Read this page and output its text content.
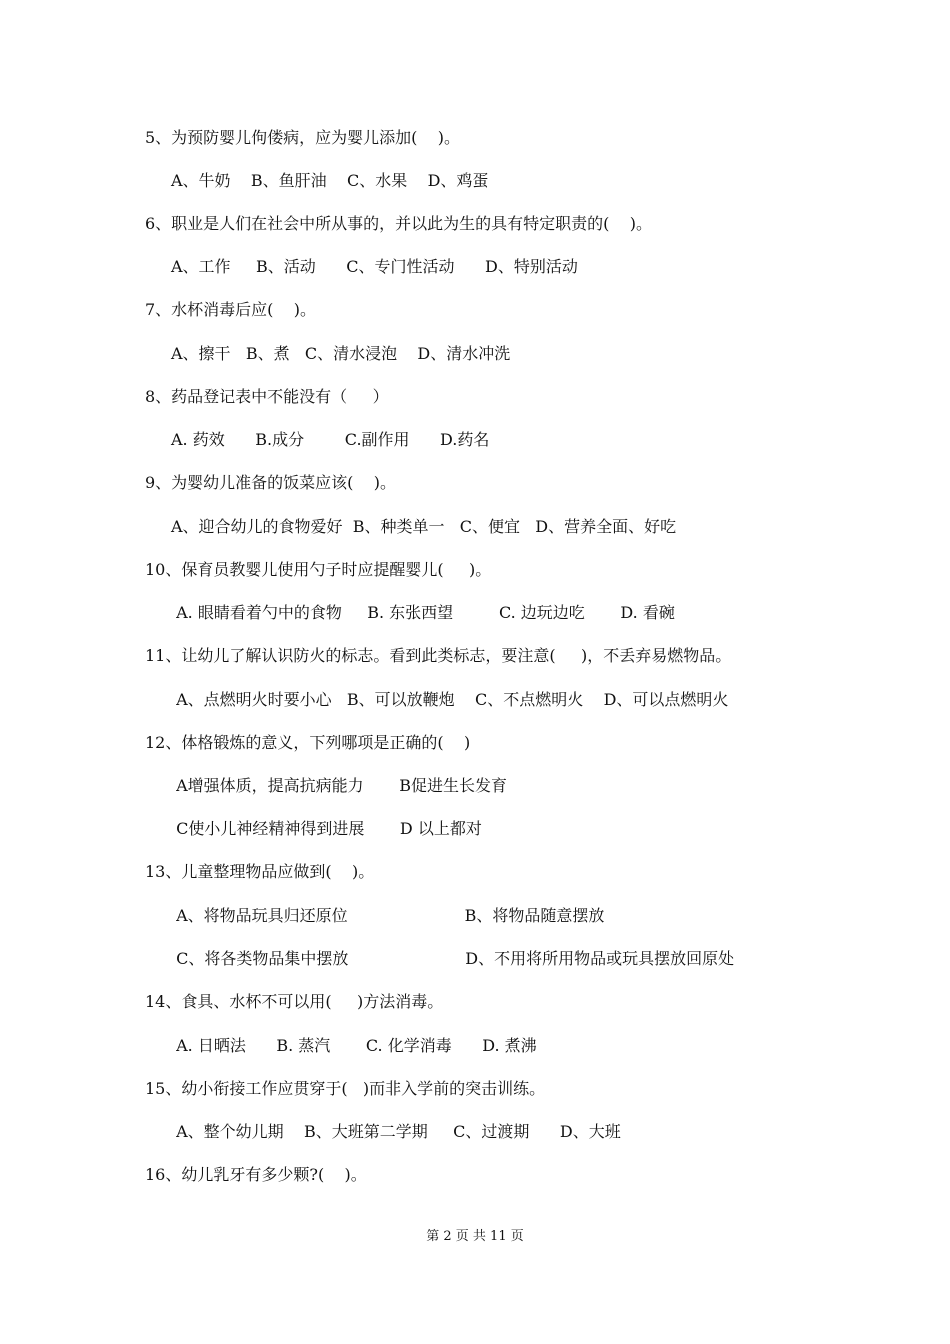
5、为预防婴儿佝偻病，应为婴儿添加(    )。
A、牛奶    B、鱼肝油    C、水果    D、鸡蛋
6、职业是人们在社会中所从事的，并以此为生的具有特定职责的(    )。
A、工作     B、活动      C、专门性活动      D、特别活动
7、水杯消毒后应(    )。
A、擦干   B、煮   C、清水浸泡    D、清水冲洗
8、药品登记表中不能没有（     ）
A. 药效      B.成分        C.副作用      D.药名
9、为婴幼儿准备的饭菜应该(    )。
A、迎合幼儿的食物爱好  B、种类单一   C、便宜   D、营养全面、好吃
10、保育员教婴儿使用勺子时应提醒婴儿(     )。
A. 眼睛看着勺中的食物     B. 东张西望         C. 边玩边吃       D. 看碗
11、让幼儿了解认识防火的标志。看到此类标志，要注意(     )，不丢弃易燃物品。
A、点燃明火时要小心   B、可以放鞭炮    C、不点燃明火    D、可以点燃明火
12、体格锻炼的意义，下列哪项是正确的(    )
A增强体质，提高抗病能力       B促进生长发育
C使小儿神经精神得到进展       D 以上都对
13、儿童整理物品应做到(    )。
A、将物品玩具归还原位                       B、将物品随意摆放
C、将各类物品集中摆放                       D、不用将所用物品或玩具摆放回原处
14、食具、水杯不可以用(     )方法消毒。
A. 日晒法      B. 蒸汽       C. 化学消毒      D. 煮沸
15、幼小衔接工作应贯穿于(   )而非入学前的突击训练。
A、整个幼儿期    B、大班第二学期     C、过渡期      D、大班
16、幼儿乳牙有多少颗?(    )。
第 2 页 共 11 页
